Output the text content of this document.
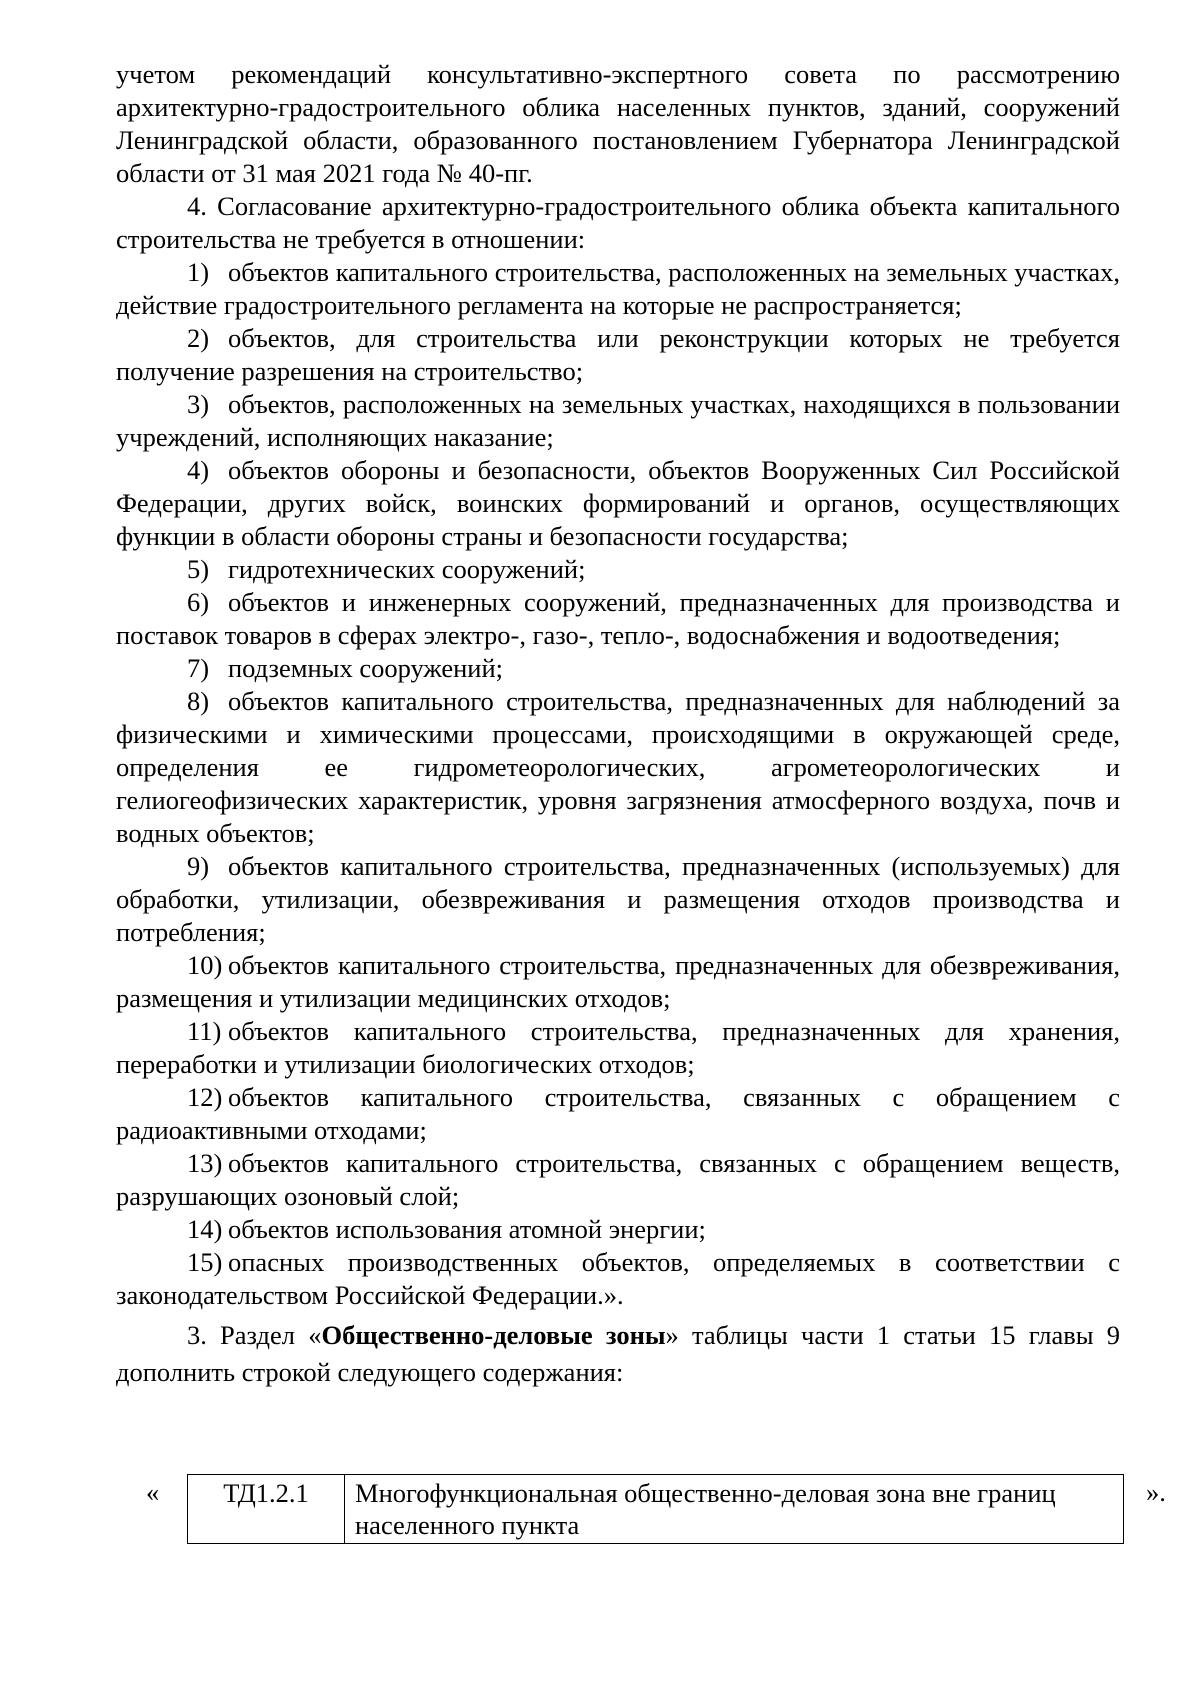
учетом рекомендаций консультативно-экспертного совета по рассмотрению архитектурно-градостроительного облика населенных пунктов, зданий, сооружений Ленинградской области, образованного постановлением Губернатора Ленинградской области от 31 мая 2021 года № 40-пг.

4. Согласование архитектурно-градостроительного облика объекта капитального строительства не требуется в отношении:

1) объектов капитального строительства, расположенных на земельных участках, действие градостроительного регламента на которые не распространяется;

2) объектов, для строительства или реконструкции которых не требуется получение разрешения на строительство;

3) объектов, расположенных на земельных участках, находящихся в пользовании учреждений, исполняющих наказание;

4) объектов обороны и безопасности, объектов Вооруженных Сил Российской Федерации, других войск, воинских формирований и органов, осуществляющих функции в области обороны страны и безопасности государства;

5) гидротехнических сооружений;

6) объектов и инженерных сооружений, предназначенных для производства и поставок товаров в сферах электро-, газо-, тепло-, водоснабжения и водоотведения;

7) подземных сооружений;

8) объектов капитального строительства, предназначенных для наблюдений за физическими и химическими процессами, происходящими в окружающей среде, определения ее гидрометеорологических, агрометеорологических и гелиогеофизических характеристик, уровня загрязнения атмосферного воздуха, почв и водных объектов;

9) объектов капитального строительства, предназначенных (используемых) для обработки, утилизации, обезвреживания и размещения отходов производства и потребления;

10) объектов капитального строительства, предназначенных для обезвреживания, размещения и утилизации медицинских отходов;

11) объектов капитального строительства, предназначенных для хранения, переработки и утилизации биологических отходов;

12) объектов капитального строительства, связанных с обращением с радиоактивными отходами;

13) объектов капитального строительства, связанных с обращением веществ, разрушающих озоновый слой;

14) объектов использования атомной энергии;

15) опасных производственных объектов, определяемых в соответствии с законодательством Российской Федерации.».

3. Раздел «Общественно-деловые зоны» таблицы части 1 статьи 15 главы 9 дополнить строкой следующего содержания:

« ТД1.2.1	Многофункциональная общественно-деловая зона вне границ населенного пункта
».
